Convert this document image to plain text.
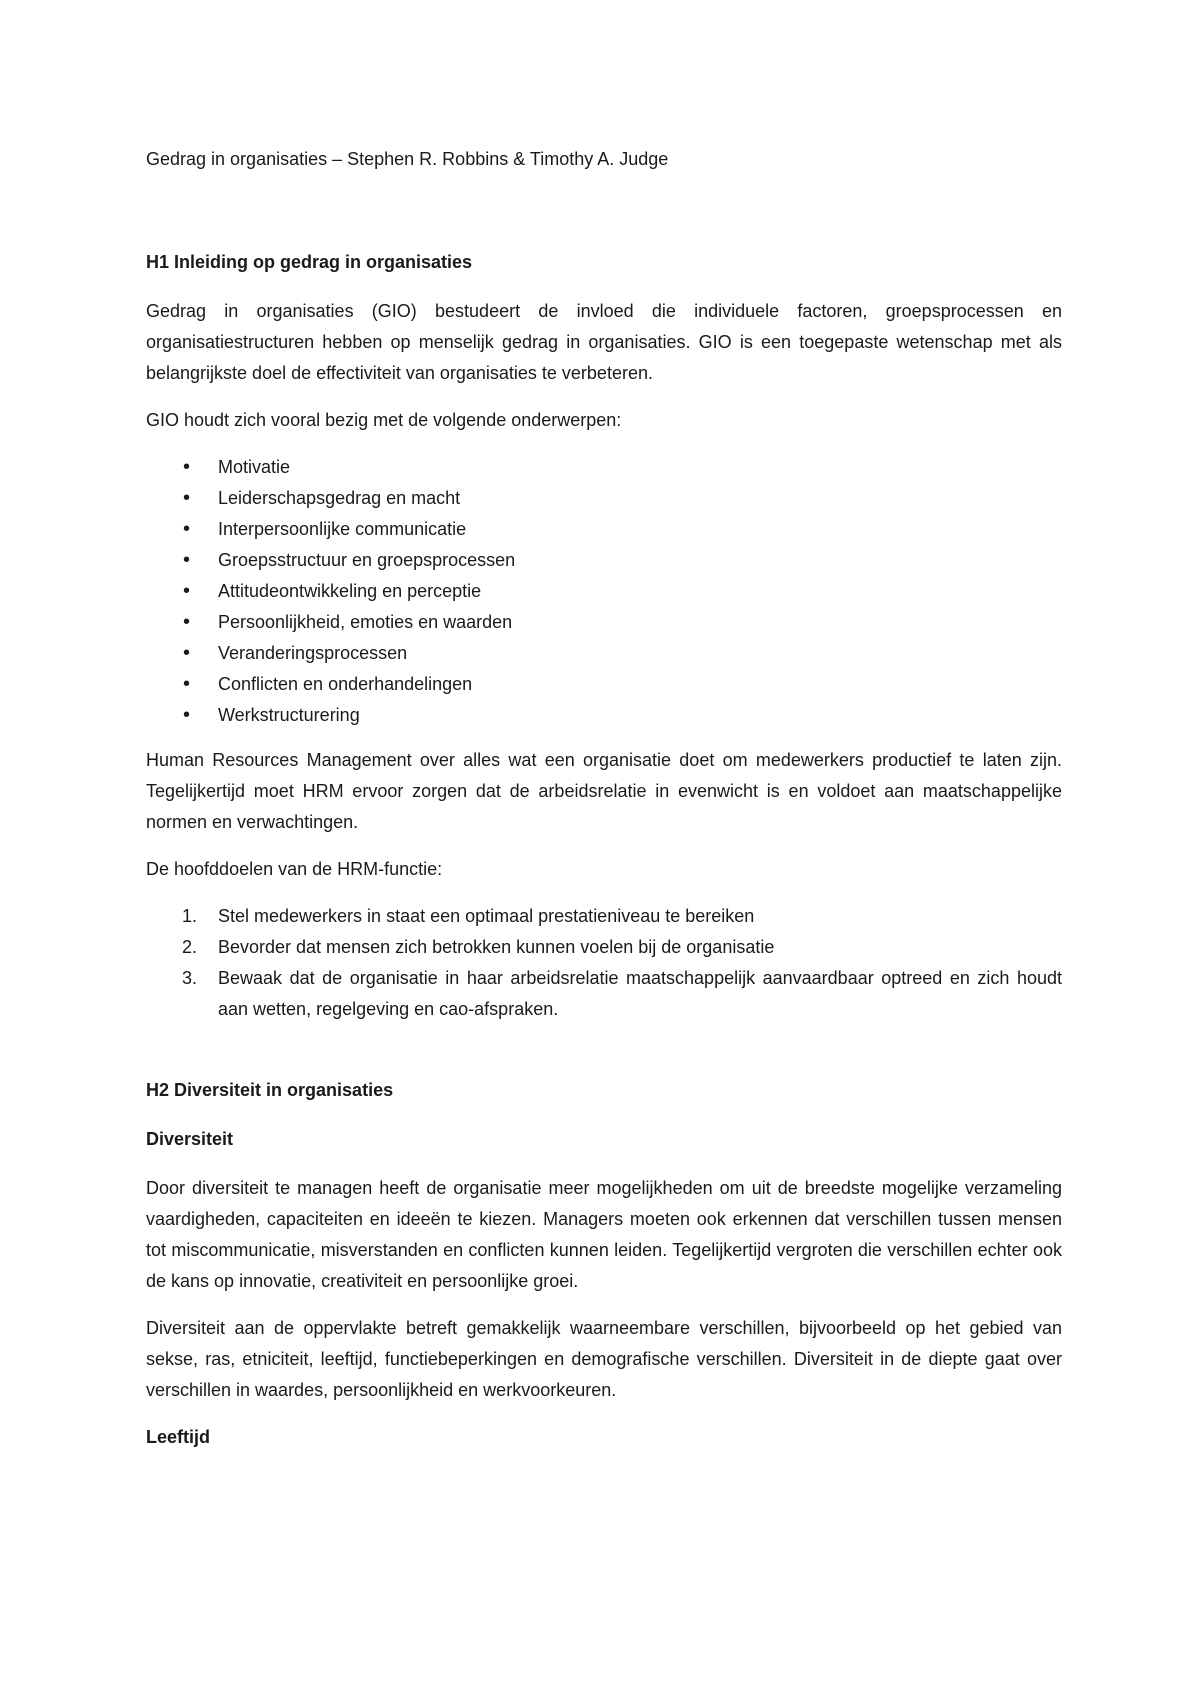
Gedrag in organisaties – Stephen R. Robbins & Timothy A. Judge

H1 Inleiding op gedrag in organisaties

Gedrag in organisaties (GIO) bestudeert de invloed die individuele factoren, groepsprocessen en organisatiestructuren hebben op menselijk gedrag in organisaties. GIO is een toegepaste wetenschap met als belangrijkste doel de effectiviteit van organisaties te verbeteren.

GIO houdt zich vooral bezig met de volgende onderwerpen:

• Motivatie
• Leiderschapsgedrag en macht
• Interpersoonlijke communicatie
• Groepsstructuur en groepsprocessen
• Attitudeontwikkeling en perceptie
• Persoonlijkheid, emoties en waarden
• Veranderingsprocessen
• Conflicten en onderhandelingen
• Werkstructurering

Human Resources Management over alles wat een organisatie doet om medewerkers productief te laten zijn. Tegelijkertijd moet HRM ervoor zorgen dat de arbeidsrelatie in evenwicht is en voldoet aan maatschappelijke normen en verwachtingen.

De hoofddoelen van de HRM-functie:

1. Stel medewerkers in staat een optimaal prestatieniveau te bereiken
2. Bevorder dat mensen zich betrokken kunnen voelen bij de organisatie
3. Bewaak dat de organisatie in haar arbeidsrelatie maatschappelijk aanvaardbaar optreed en zich houdt aan wetten, regelgeving en cao-afspraken.

H2 Diversiteit in organisaties

Diversiteit

Door diversiteit te managen heeft de organisatie meer mogelijkheden om uit de breedste mogelijke verzameling vaardigheden, capaciteiten en ideeën te kiezen. Managers moeten ook erkennen dat verschillen tussen mensen tot miscommunicatie, misverstanden en conflicten kunnen leiden. Tegelijkertijd vergroten die verschillen echter ook de kans op innovatie, creativiteit en persoonlijke groei.

Diversiteit aan de oppervlakte betreft gemakkelijk waarneembare verschillen, bijvoorbeeld op het gebied van sekse, ras, etniciteit, leeftijd, functiebeperkingen en demografische verschillen. Diversiteit in de diepte gaat over verschillen in waardes, persoonlijkheid en werkvoorkeuren.

Leeftijd
